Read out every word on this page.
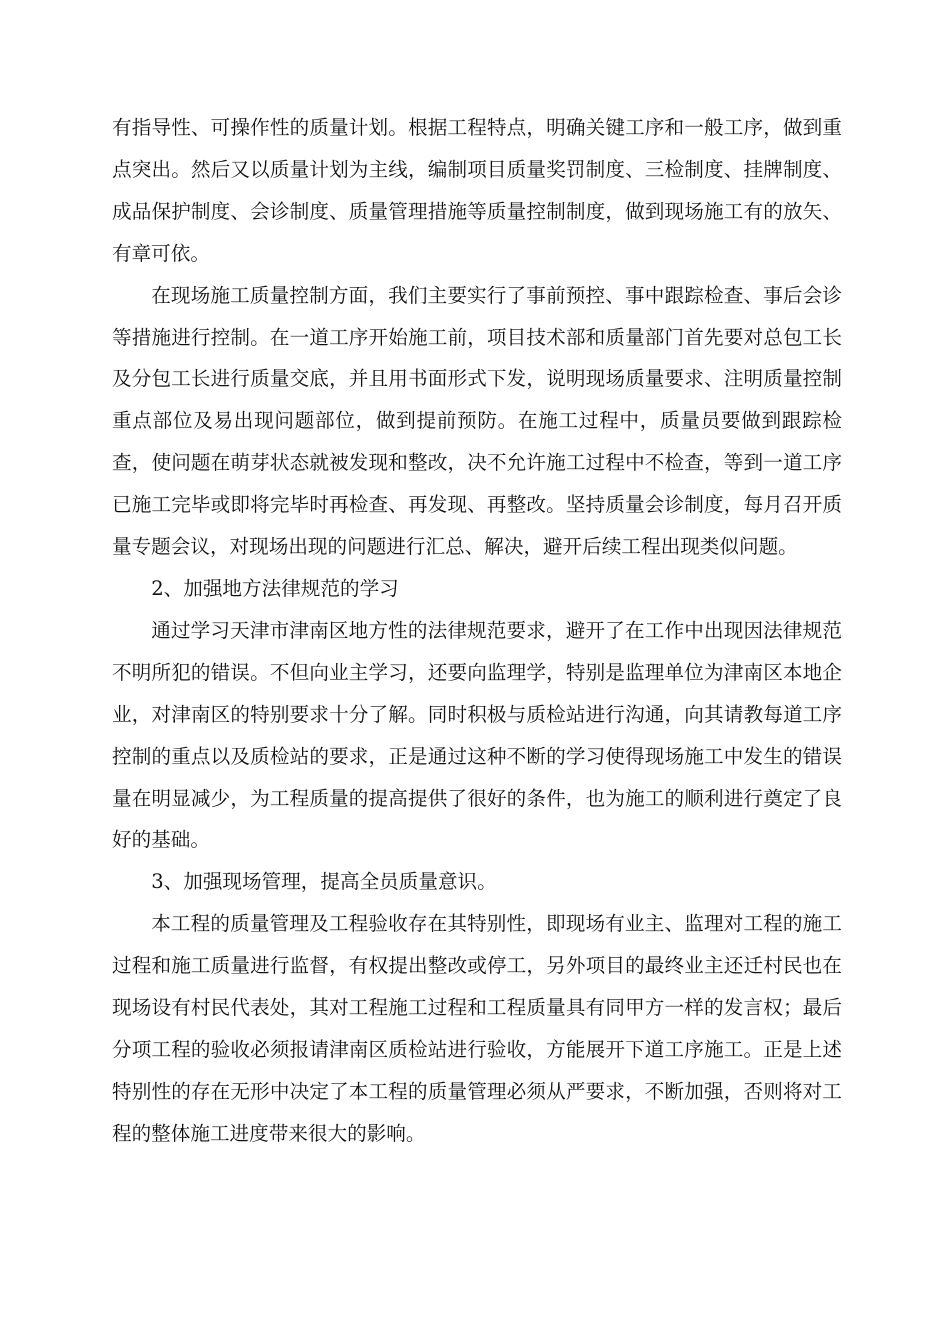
有指导性、可操作性的质量计划。根据工程特点，明确关键工序和一般工序，做到重点突出。然后又以质量计划为主线，编制项目质量奖罚制度、三检制度、挂牌制度、成品保护制度、会诊制度、质量管理措施等质量控制制度，做到现场施工有的放矢、有章可依。

在现场施工质量控制方面，我们主要实行了事前预控、事中跟踪检查、事后会诊等措施进行控制。在一道工序开始施工前，项目技术部和质量部门首先要对总包工长及分包工长进行质量交底，并且用书面形式下发，说明现场质量要求、注明质量控制重点部位及易出现问题部位，做到提前预防。在施工过程中，质量员要做到跟踪检查，使问题在萌芽状态就被发现和整改，决不允许施工过程中不检查，等到一道工序已施工完毕或即将完毕时再检查、再发现、再整改。坚持质量会诊制度，每月召开质量专题会议，对现场出现的问题进行汇总、解决，避开后续工程出现类似问题。

2、加强地方法律规范的学习

通过学习天津市津南区地方性的法律规范要求，避开了在工作中出现因法律规范不明所犯的错误。不但向业主学习，还要向监理学，特别是监理单位为津南区本地企业，对津南区的特别要求十分了解。同时积极与质检站进行沟通，向其请教每道工序控制的重点以及质检站的要求，正是通过这种不断的学习使得现场施工中发生的错误量在明显减少，为工程质量的提高提供了很好的条件，也为施工的顺利进行奠定了良好的基础。

3、加强现场管理，提高全员质量意识。

本工程的质量管理及工程验收存在其特别性，即现场有业主、监理对工程的施工过程和施工质量进行监督，有权提出整改或停工，另外项目的最终业主还迁村民也在现场设有村民代表处，其对工程施工过程和工程质量具有同甲方一样的发言权；最后分项工程的验收必须报请津南区质检站进行验收，方能展开下道工序施工。正是上述特别性的存在无形中决定了本工程的质量管理必须从严要求，不断加强，否则将对工程的整体施工进度带来很大的影响。
